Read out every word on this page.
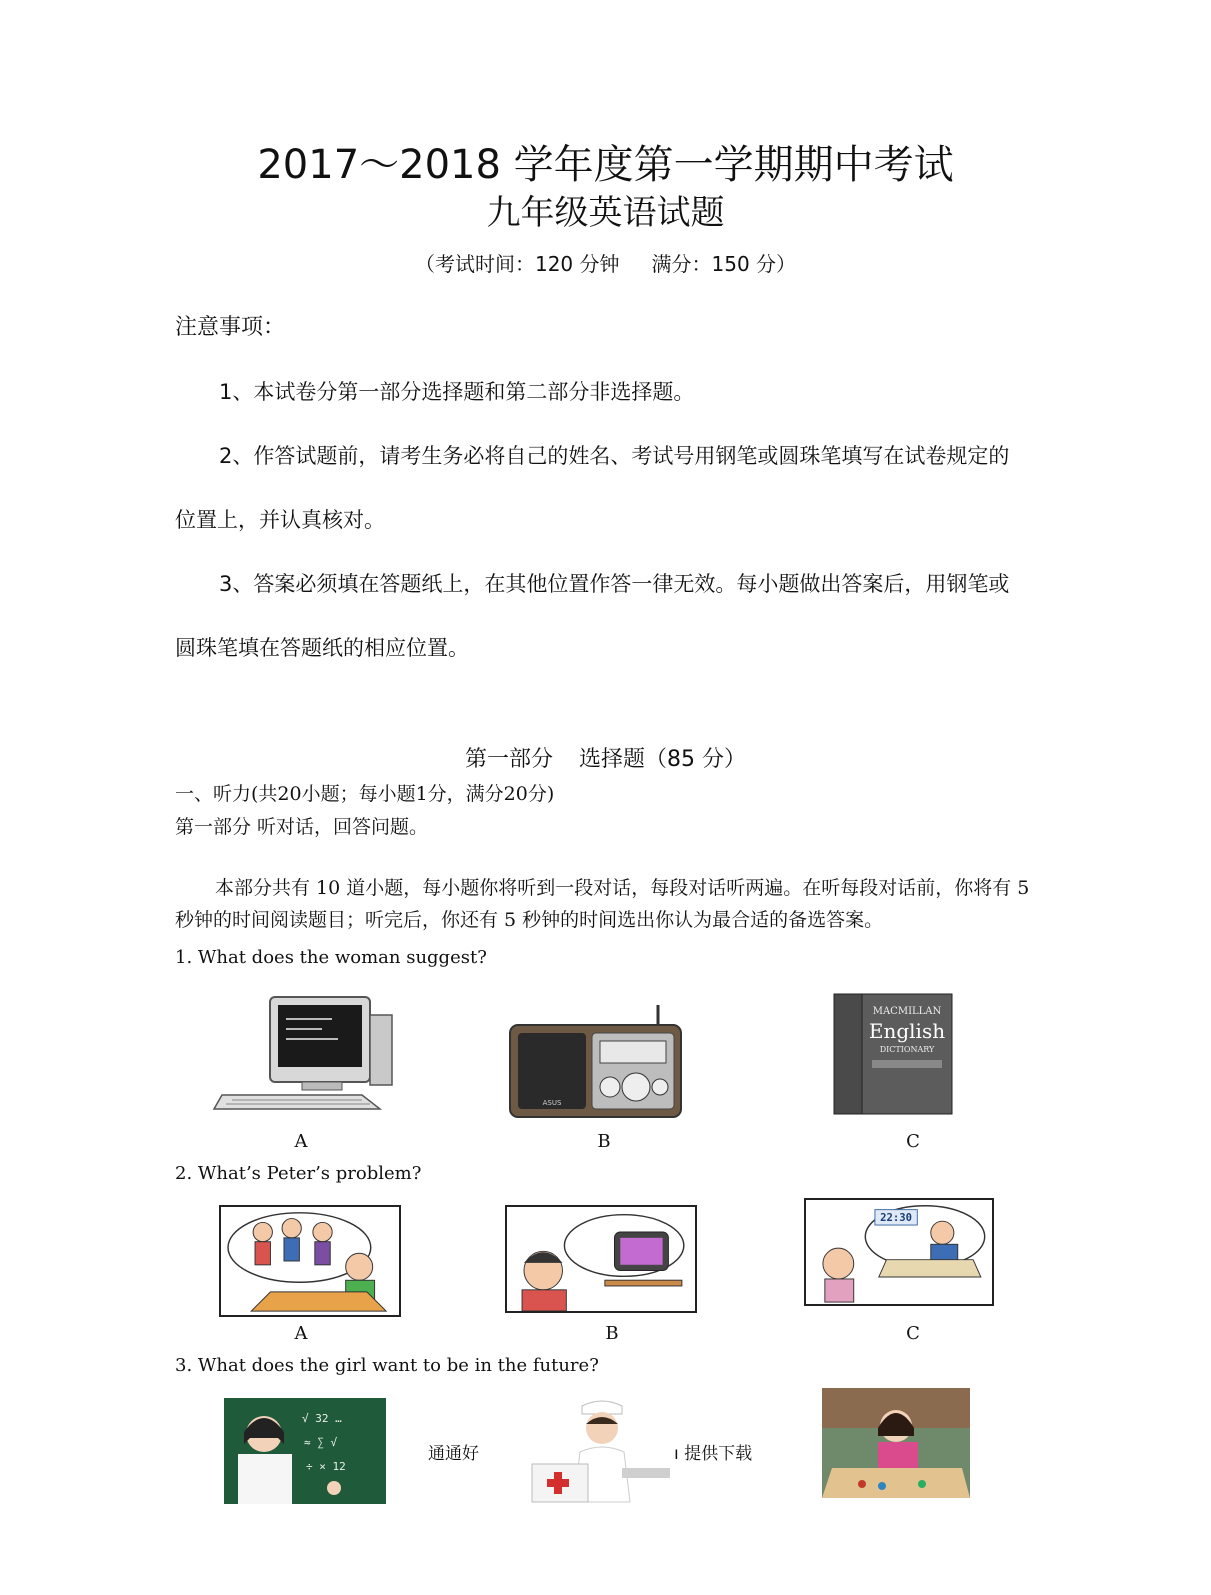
2017～2018 学年度第一学期期中考试
九年级英语试题
（考试时间：120 分钟 满分：150 分）
注意事项：
1、本试卷分第一部分选择题和第二部分非选择题。
2、作答试题前，请考生务必将自己的姓名、考试号用钢笔或圆珠笔填写在试卷规定的
位置上，并认真核对。
3、答案必须填在答题纸上，在其他位置作答一律无效。每小题做出答案后，用钢笔或
圆珠笔填在答题纸的相应位置。
第一部分 选择题（85 分）
一、听力(共20小题；每小题1分，满分20分)
第一部分 听对话，回答问题。
本部分共有 10 道小题，每小题你将听到一段对话，每段对话听两遍。在听每段对话前，你将有 5 秒钟的时间阅读题目；听完后，你还有 5 秒钟的时间选出你认为最合适的备选答案。
1. What does the woman suggest?
A
ASUS
B
MACMILLAN
English
DICTIONARY
C
2. What’s Peter’s problem?
A	B
22:30
C
3. What does the girl want to be in the future?
√ 32 …
≈ ∑ √
÷ × 12
通通好	ı 提供下载
